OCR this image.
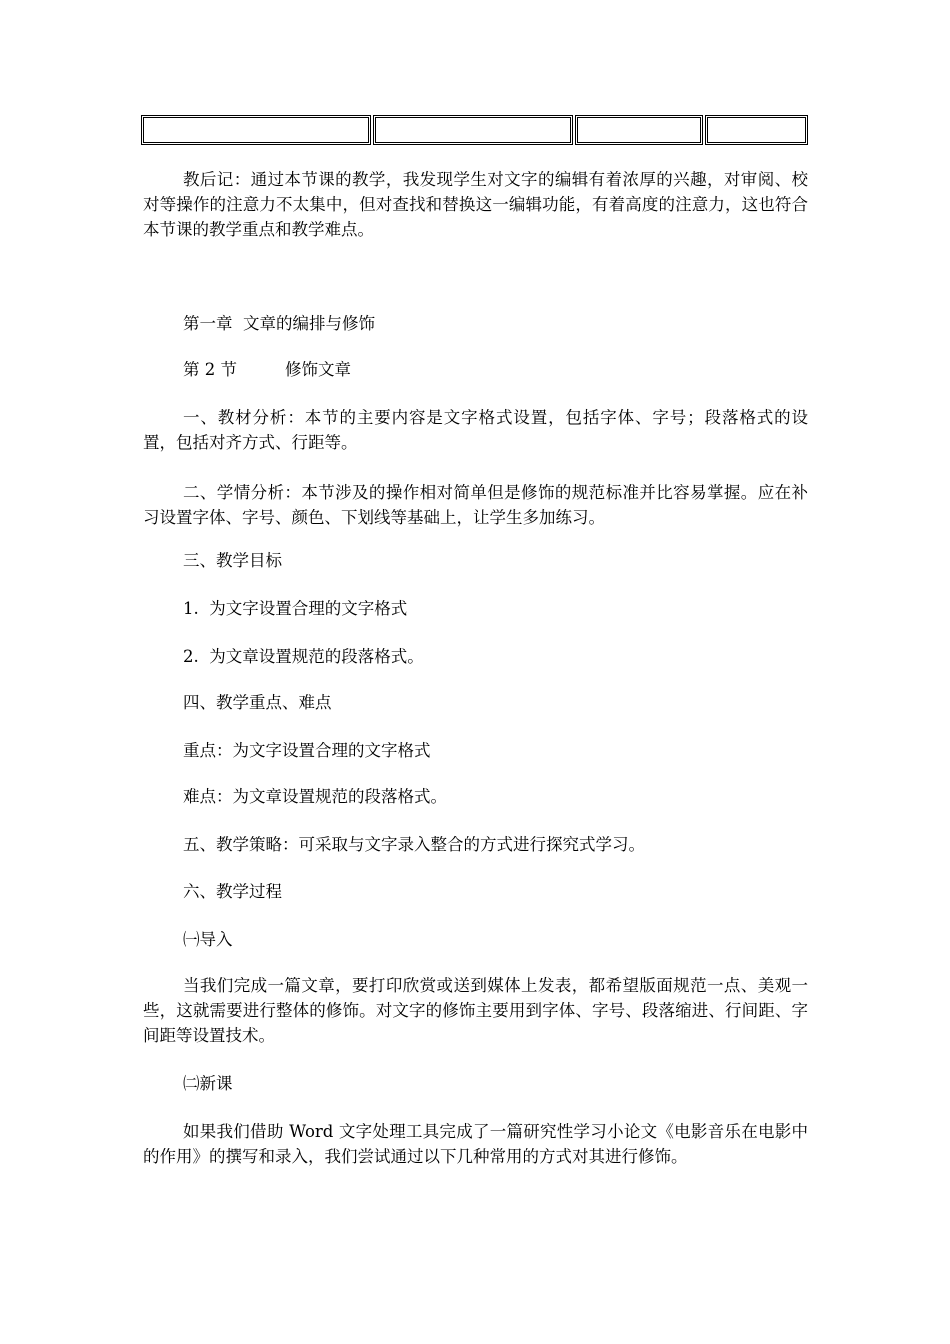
教后记：通过本节课的教学，我发现学生对文字的编辑有着浓厚的兴趣，对审阅、校对等操作的注意力不太集中，但对查找和替换这一编辑功能，有着高度的注意力，这也符合本节课的教学重点和教学难点。

第一章  文章的编排与修饰

第 2 节	修饰文章

一、教材分析：本节的主要内容是文字格式设置，包括字体、字号；段落格式的设置，包括对齐方式、行距等。

二、学情分析：本节涉及的操作相对简单但是修饰的规范标准并比容易掌握。应在补习设置字体、字号、颜色、下划线等基础上，让学生多加练习。

三、教学目标

1.  为文字设置合理的文字格式

2.  为文章设置规范的段落格式。

四、教学重点、难点

重点：为文字设置合理的文字格式

难点：为文章设置规范的段落格式。

五、教学策略：可采取与文字录入整合的方式进行探究式学习。

六、教学过程

㈠导入

当我们完成一篇文章，要打印欣赏或送到媒体上发表，都希望版面规范一点、美观一些，这就需要进行整体的修饰。对文字的修饰主要用到字体、字号、段落缩进、行间距、字间距等设置技术。

㈡新课

如果我们借助 Word 文字处理工具完成了一篇研究性学习小论文《电影音乐在电影中的作用》的撰写和录入，我们尝试通过以下几种常用的方式对其进行修饰。
